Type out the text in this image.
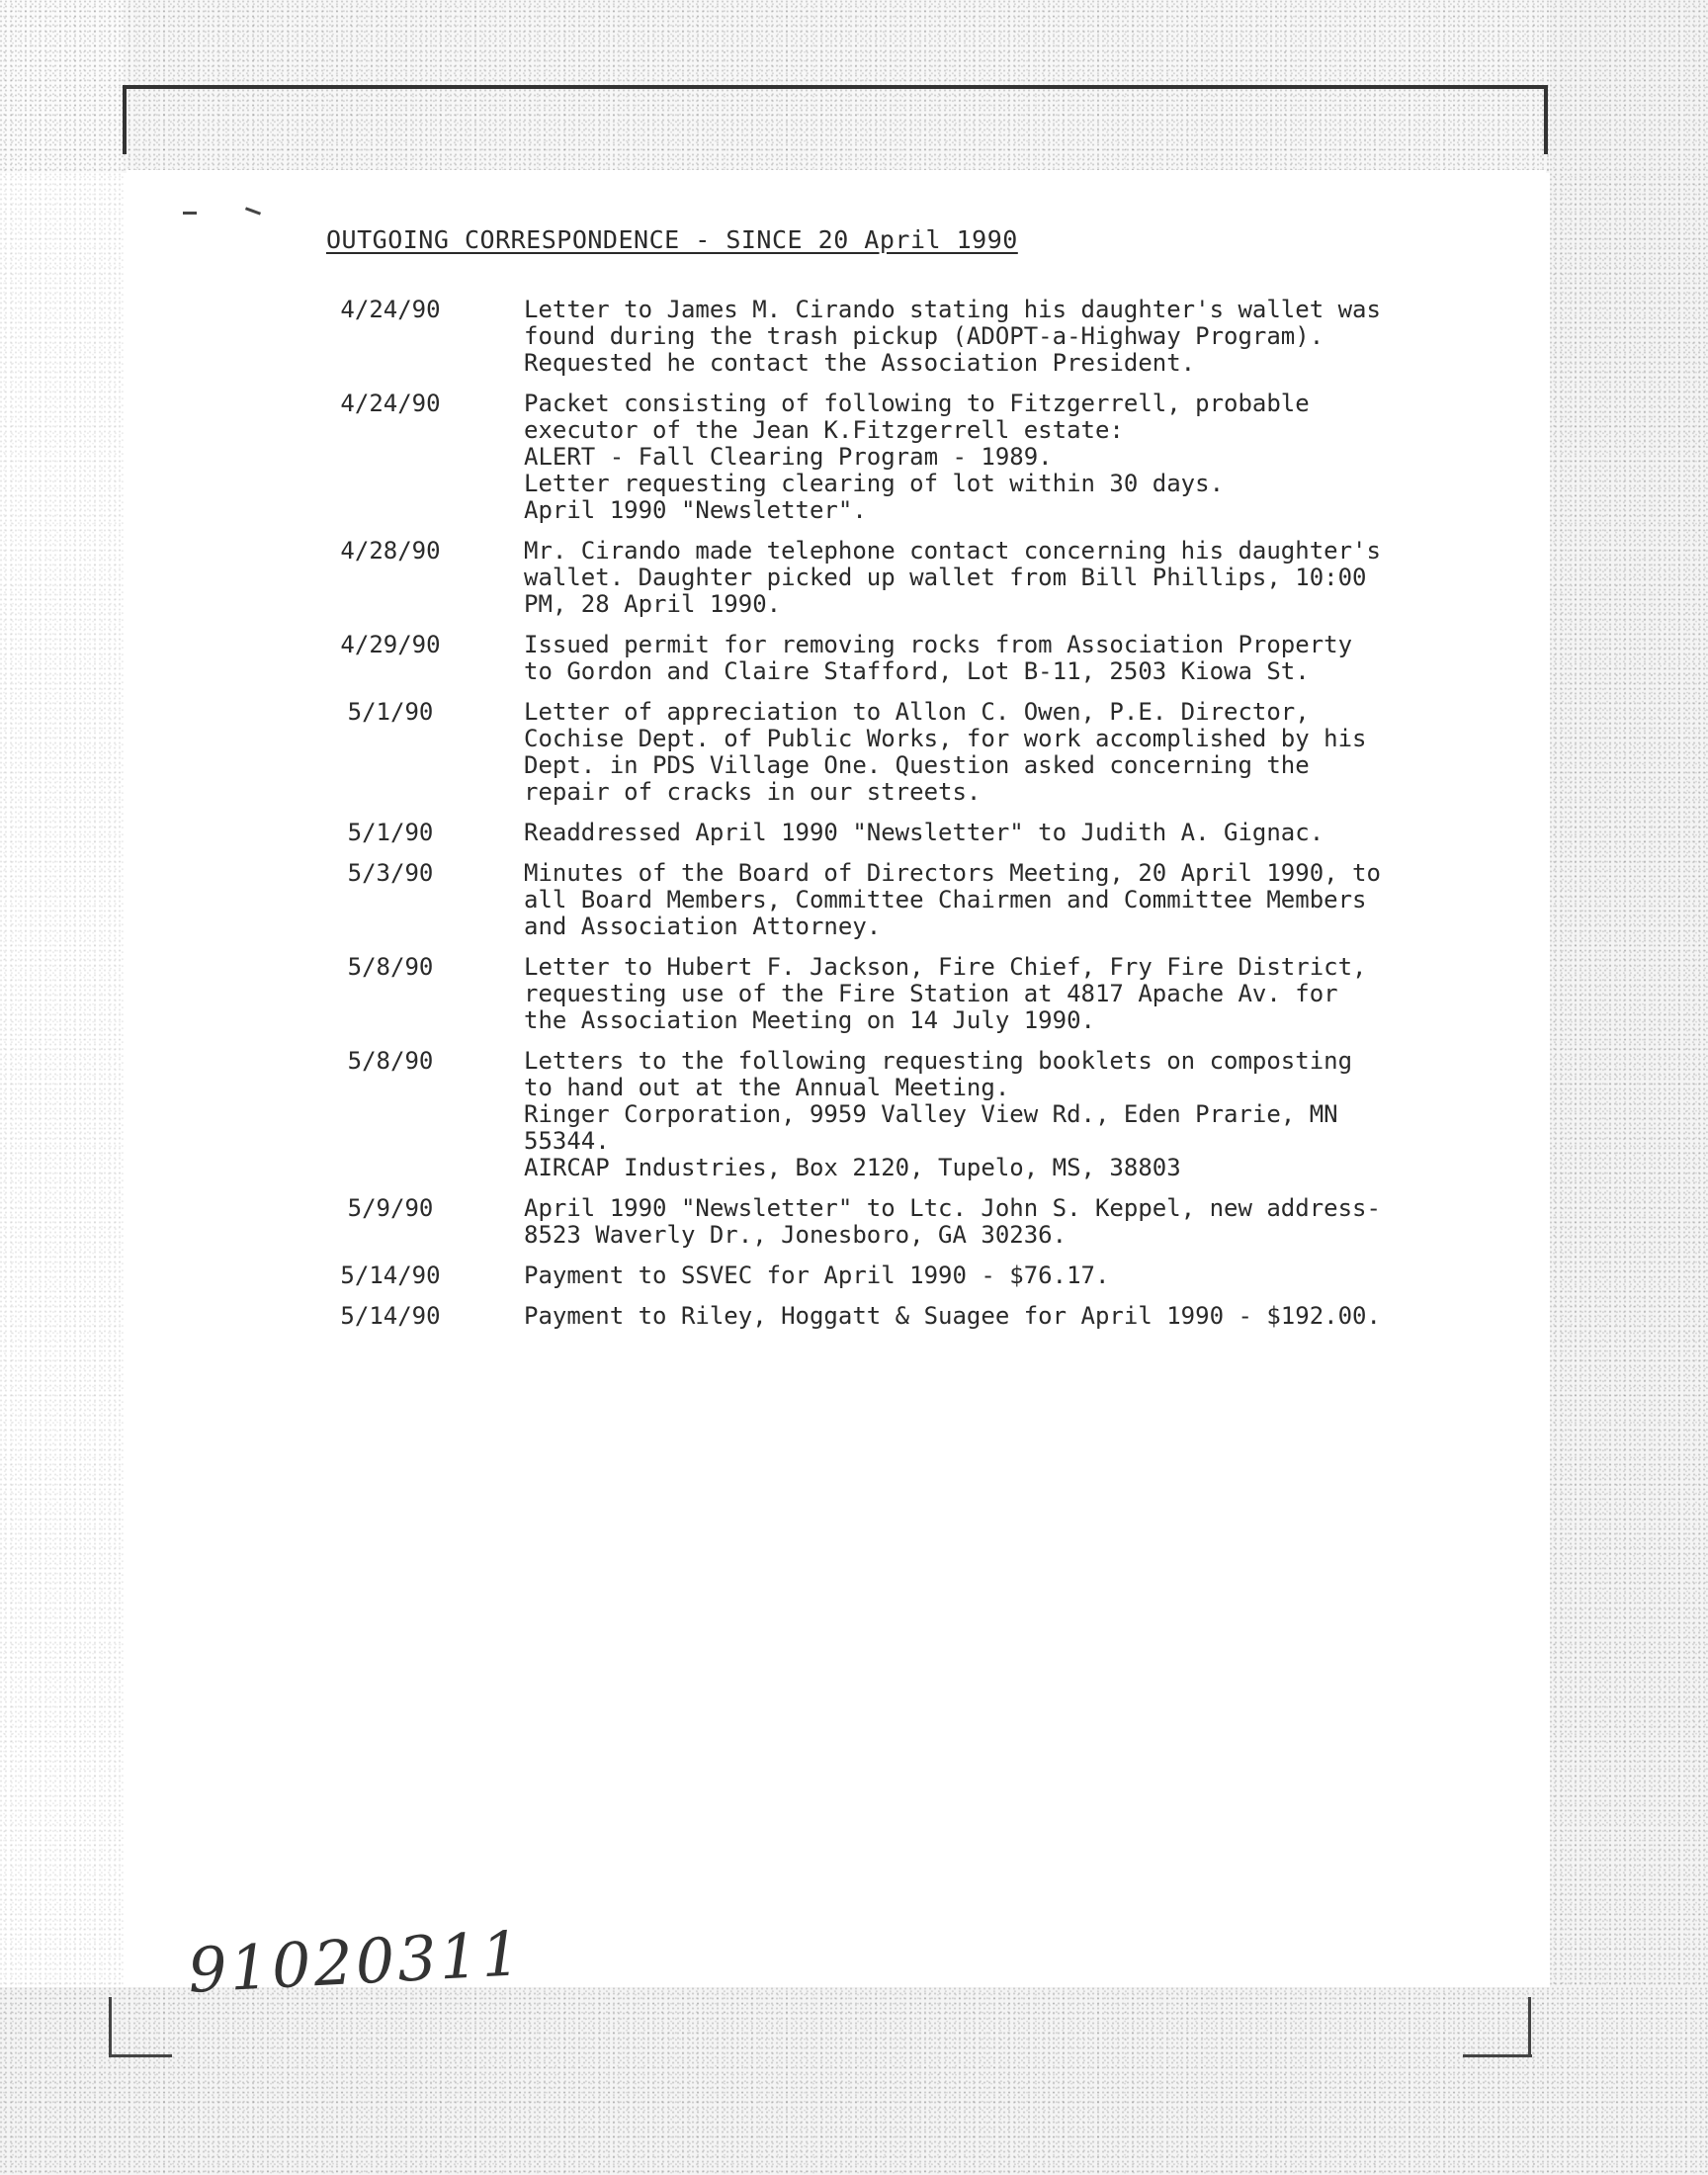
OUTGOING CORRESPONDENCE - SINCE 20 April 1990
4/24/90	Letter to James M. Cirando stating his daughter's wallet was found during the trash pickup (ADOPT-a-Highway Program). Requested he contact the Association President.
4/24/90	Packet consisting of following to Fitzgerrell, probable executor of the Jean K.Fitzgerrell estate:
ALERT - Fall Clearing Program - 1989.
Letter requesting clearing of lot within 30 days.
April 1990 "Newsletter".
4/28/90	Mr. Cirando made telephone contact concerning his daughter's wallet. Daughter picked up wallet from Bill Phillips, 10:00 PM, 28 April 1990.
4/29/90	Issued permit for removing rocks from Association Property to Gordon and Claire Stafford, Lot B-11, 2503 Kiowa St.
5/1/90	Letter of appreciation to Allon C. Owen, P.E. Director, Cochise Dept. of Public Works, for work accomplished by his Dept. in PDS Village One. Question asked concerning the repair of cracks in our streets.
5/1/90	Readdressed April 1990 "Newsletter" to Judith A. Gignac.
5/3/90	Minutes of the Board of Directors Meeting, 20 April 1990, to all Board Members, Committee Chairmen and Committee Members and Association Attorney.
5/8/90	Letter to Hubert F. Jackson, Fire Chief, Fry Fire District, requesting use of the Fire Station at 4817 Apache Av. for the Association Meeting on 14 July 1990.
5/8/90	Letters to the following requesting booklets on composting to hand out at the Annual Meeting.
Ringer Corporation, 9959 Valley View Rd., Eden Prarie, MN 55344.
AIRCAP Industries, Box 2120, Tupelo, MS, 38803
5/9/90	April 1990 "Newsletter" to Ltc. John S. Keppel, new address- 8523 Waverly Dr., Jonesboro, GA 30236.
5/14/90	Payment to SSVEC for April 1990 - $76.17.
5/14/90	Payment to Riley, Hoggatt & Suagee for April 1990 - $192.00.
91020311
